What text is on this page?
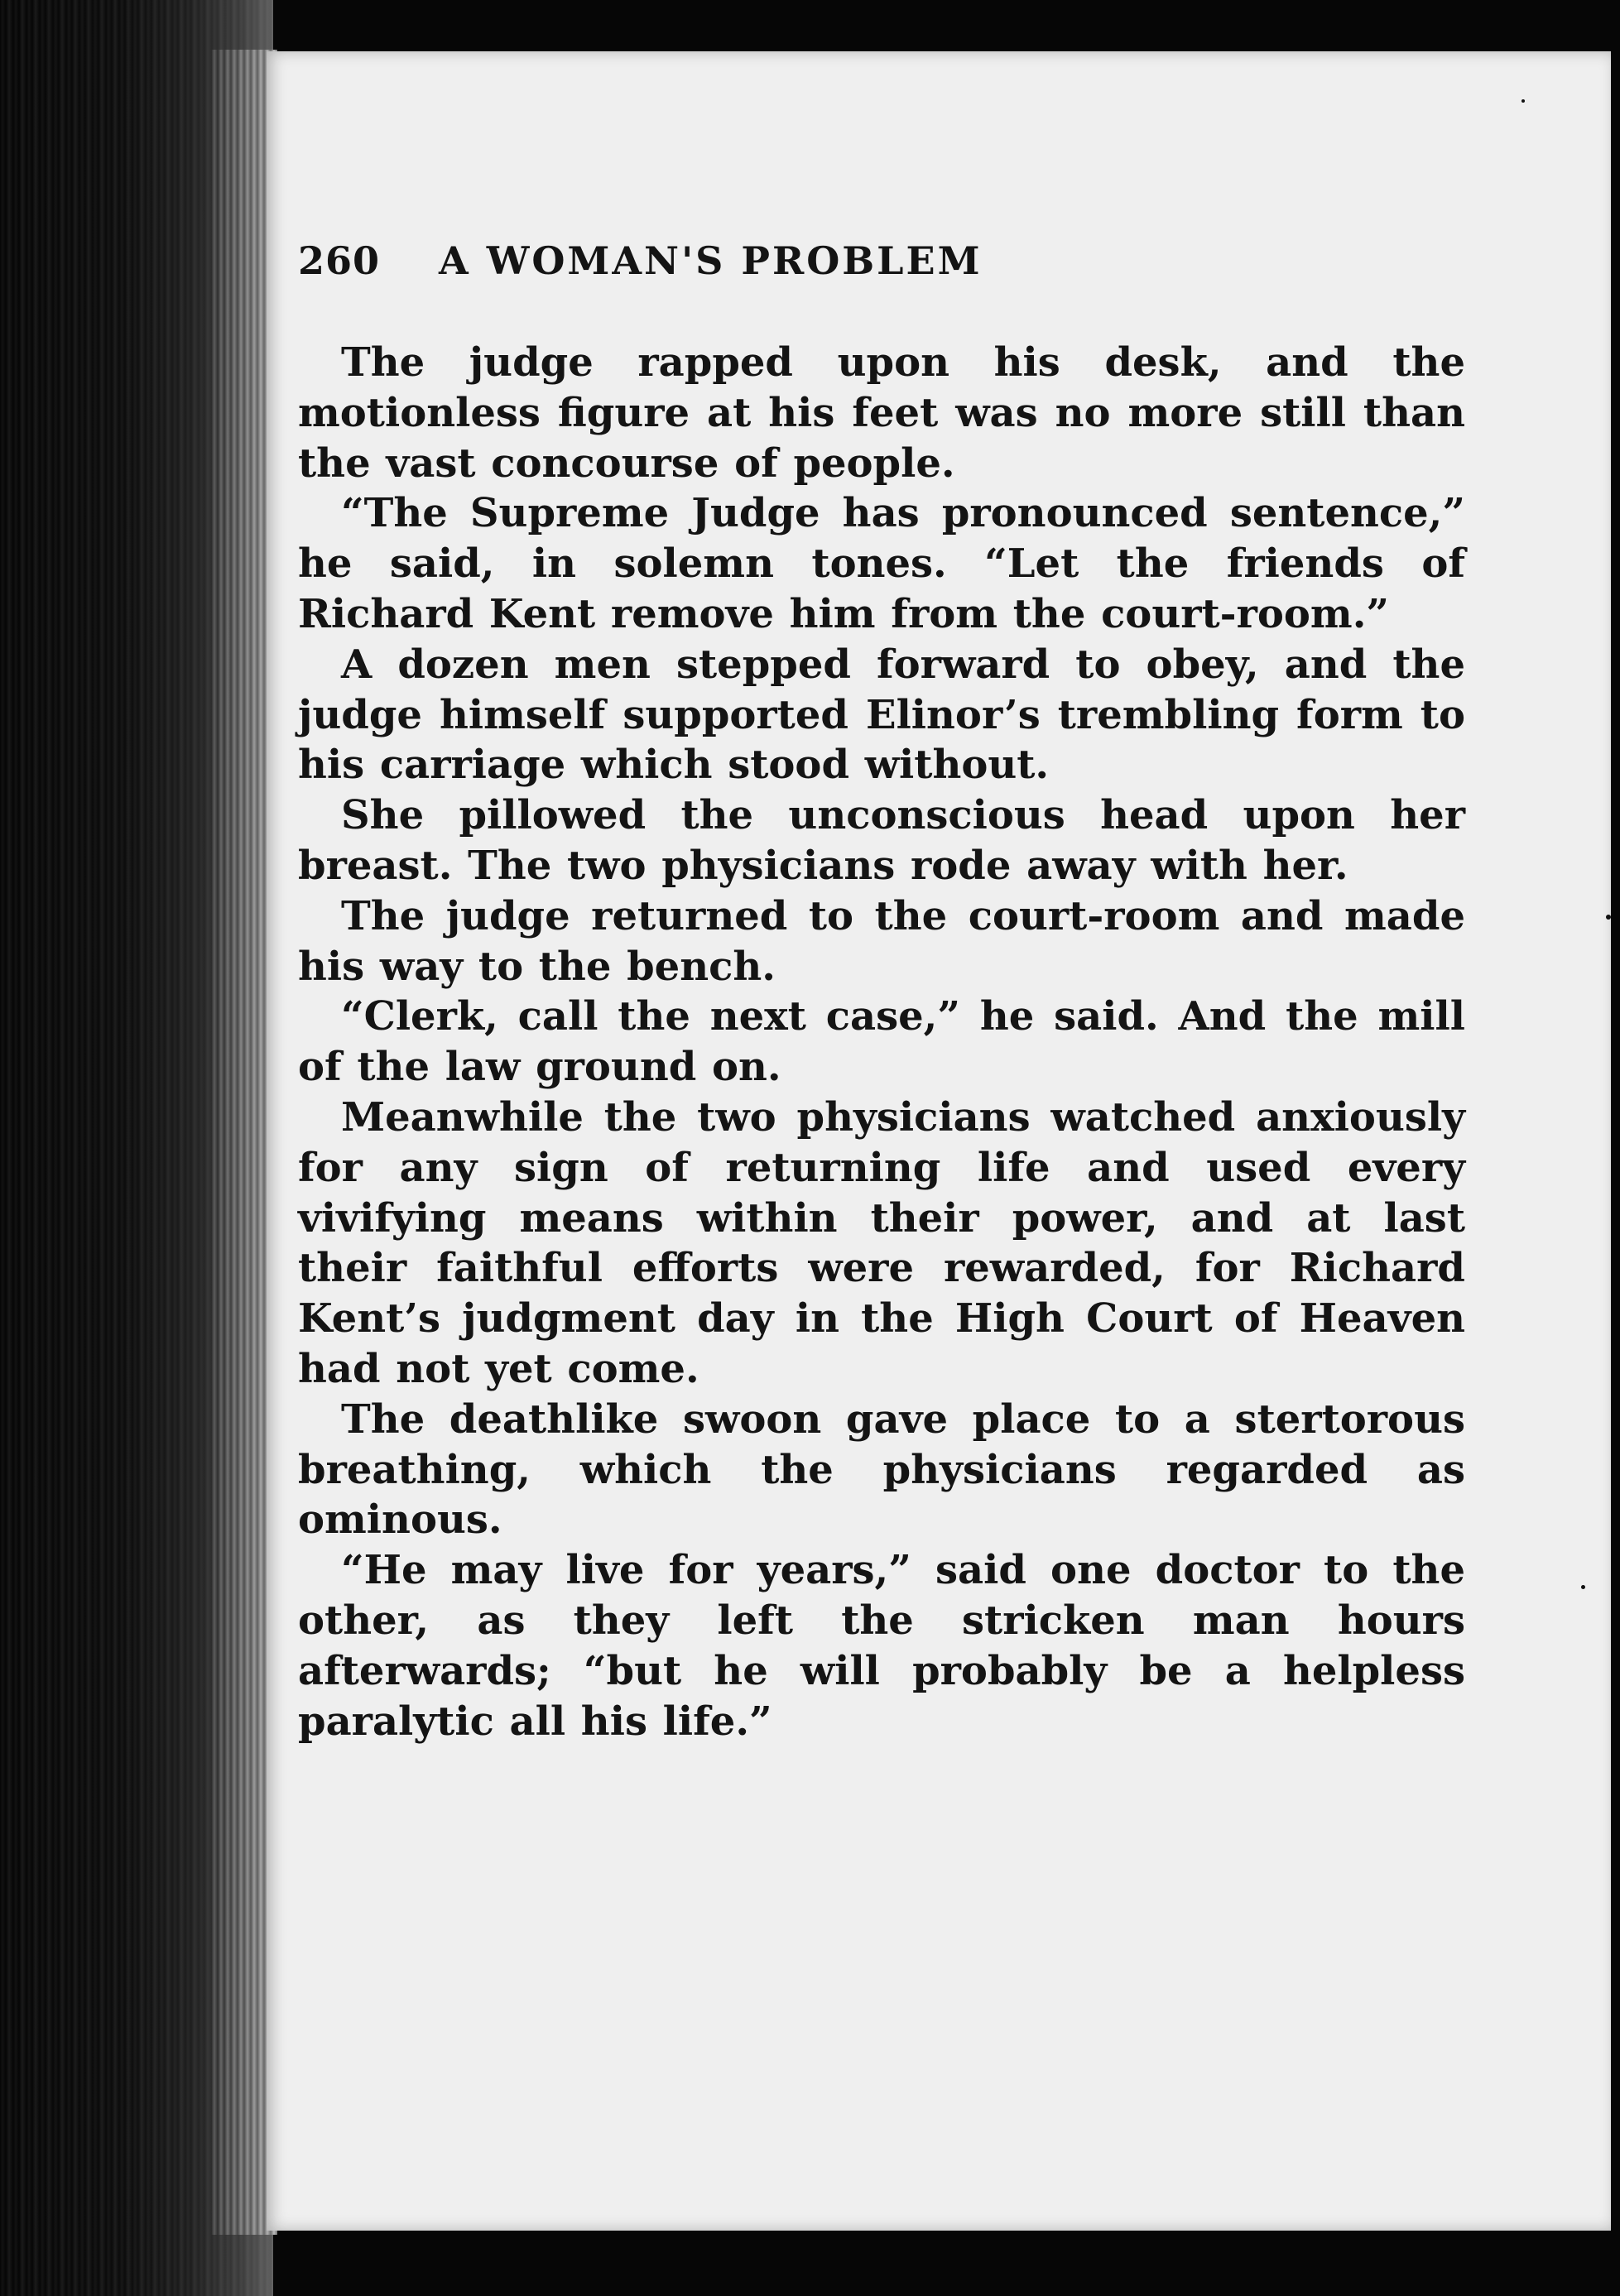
260	A WOMAN'S PROBLEM

The judge rapped upon his desk, and the motionless figure at his feet was no more still than the vast concourse of people.

“The Supreme Judge has pronounced sentence,” he said, in solemn tones. “Let the friends of Richard Kent remove him from the court-room.”

A dozen men stepped forward to obey, and the judge himself supported Elinor’s trembling form to his carriage which stood without.

She pillowed the unconscious head upon her breast. The two physicians rode away with her.

The judge returned to the court-room and made his way to the bench.

“Clerk, call the next case,” he said. And the mill of the law ground on.

Meanwhile the two physicians watched anxiously for any sign of returning life and used every vivifying means within their power, and at last their faithful efforts were rewarded, for Richard Kent’s judgment day in the High Court of Heaven had not yet come.

The deathlike swoon gave place to a stertorous breathing, which the physicians regarded as ominous.

“He may live for years,” said one doctor to the other, as they left the stricken man hours afterwards; “but he will probably be a helpless paralytic all his life.”
